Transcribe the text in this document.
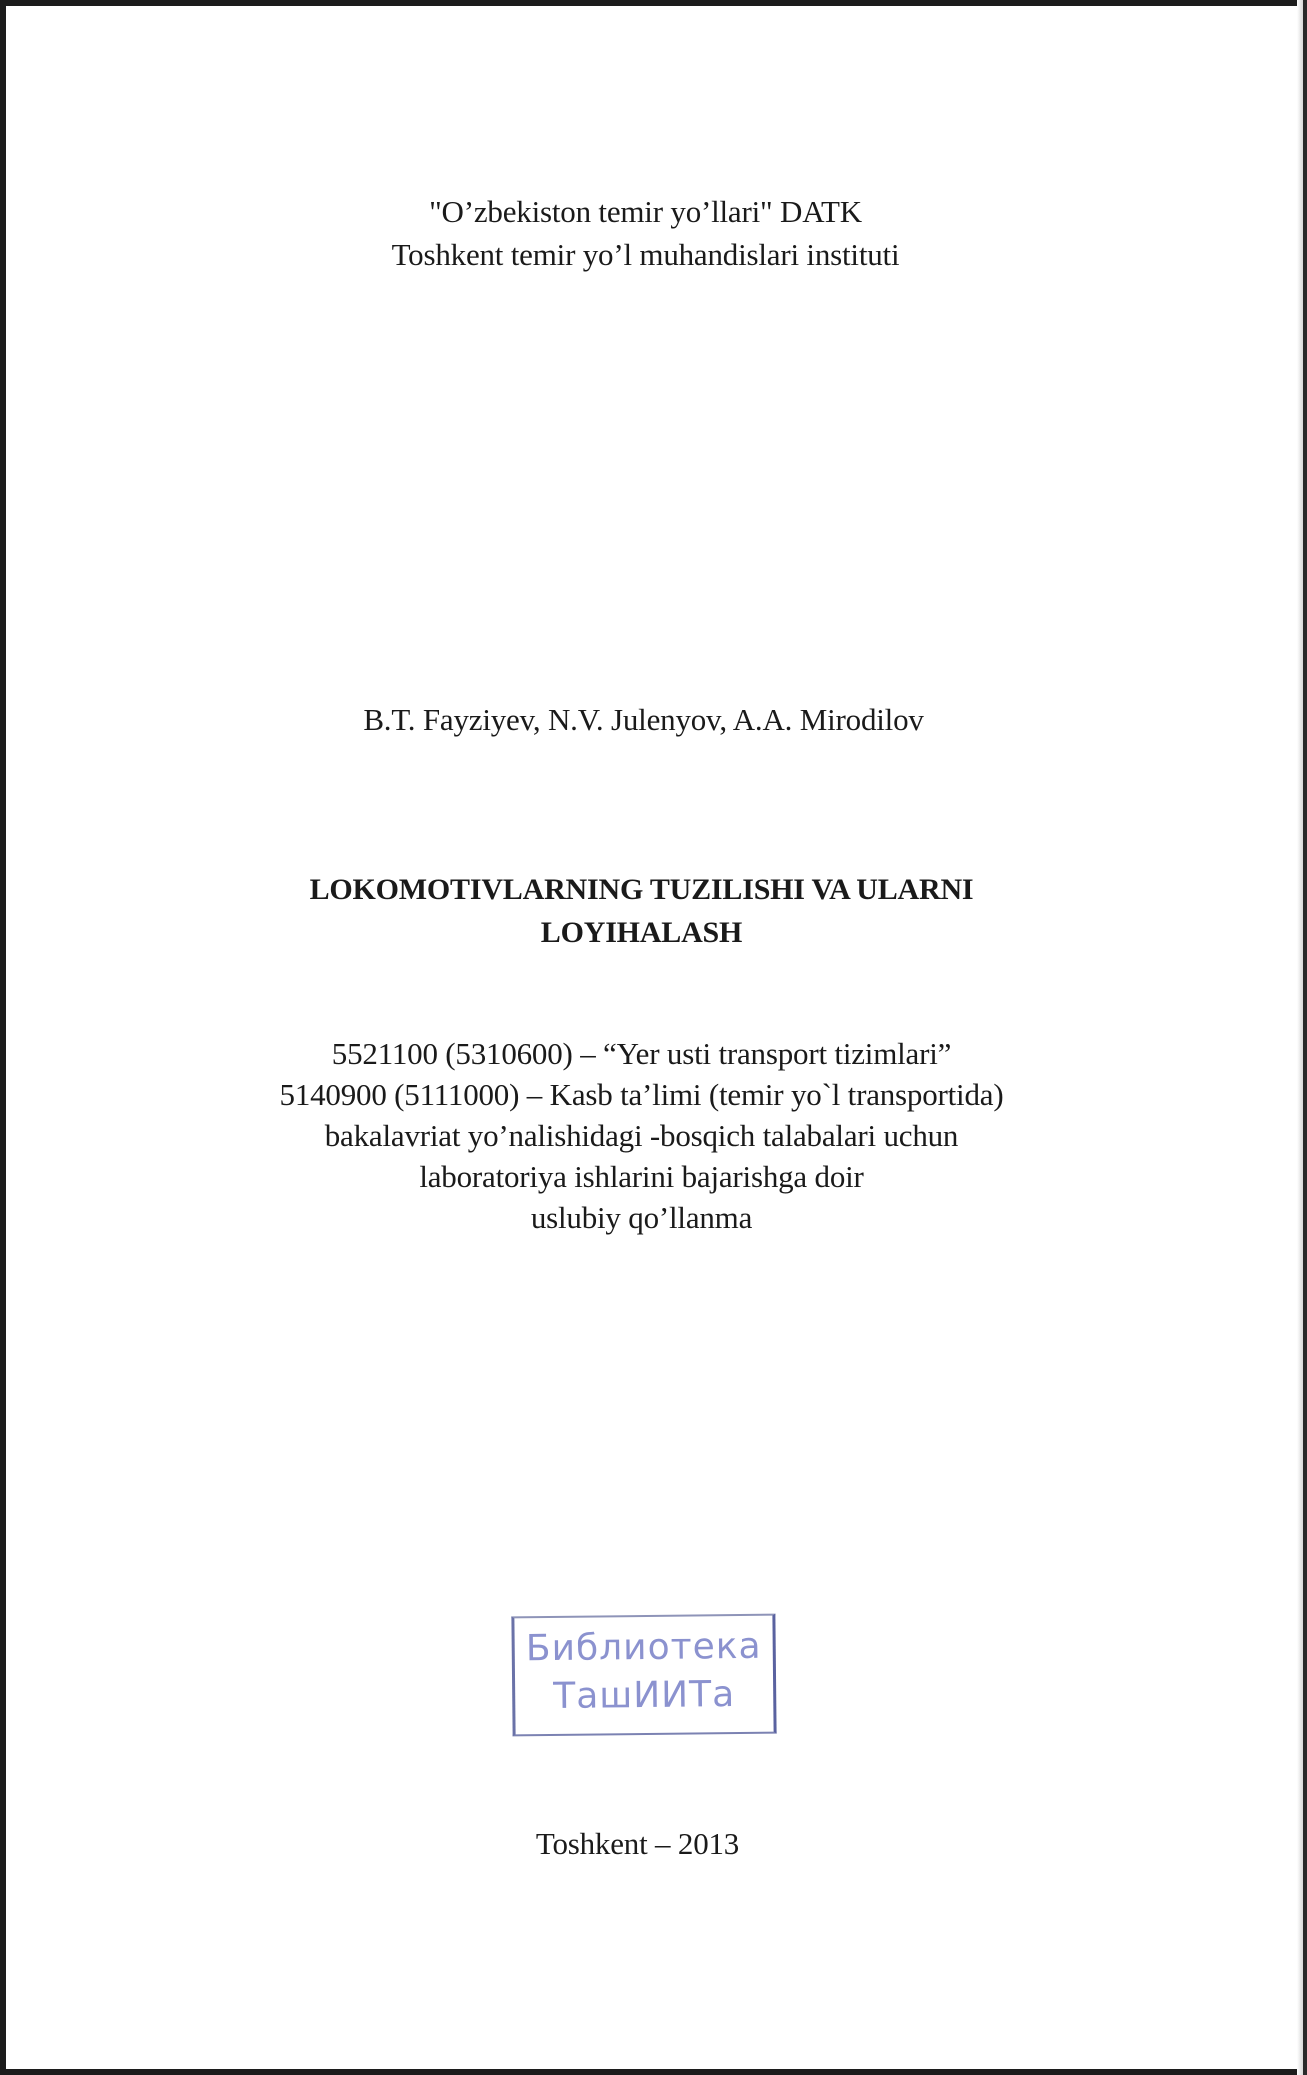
"O’zbekiston temir yo’llari" DATK
Toshkent temir yo’l muhandislari instituti
B.T. Fayziyev, N.V. Julenyov, A.A. Mirodilov
LOKOMOTIVLARNING TUZILISHI VA ULARNI
LOYIHALASH
5521100 (5310600) – “Yer usti transport tizimlari”
5140900 (5111000) – Kasb ta’limi (temir yo`l transportida)
bakalavriat yo’nalishidagi -bosqich talabalari uchun
laboratoriya ishlarini bajarishga doir
uslubiy qo’llanma
Библиотека
ТашИИТа
Toshkent – 2013
